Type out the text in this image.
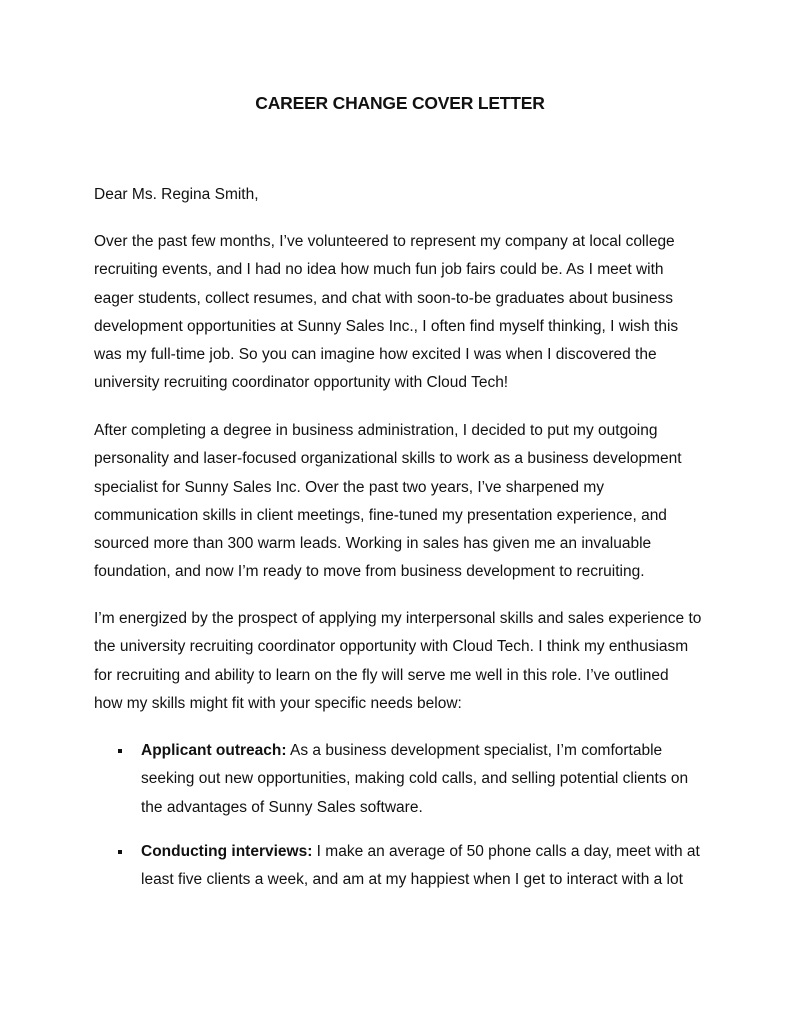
CAREER CHANGE COVER LETTER
Dear Ms. Regina Smith,

Over the past few months, I’ve volunteered to represent my company at local college
recruiting events, and I had no idea how much fun job fairs could be. As I meet with
eager students, collect resumes, and chat with soon-to-be graduates about business
development opportunities at Sunny Sales Inc., I often find myself thinking, I wish this
was my full-time job. So you can imagine how excited I was when I discovered the
university recruiting coordinator opportunity with Cloud Tech!

After completing a degree in business administration, I decided to put my outgoing
personality and laser-focused organizational skills to work as a business development
specialist for Sunny Sales Inc. Over the past two years, I’ve sharpened my
communication skills in client meetings, fine-tuned my presentation experience, and
sourced more than 300 warm leads. Working in sales has given me an invaluable
foundation, and now I’m ready to move from business development to recruiting.

I’m energized by the prospect of applying my interpersonal skills and sales experience to
the university recruiting coordinator opportunity with Cloud Tech. I think my enthusiasm
for recruiting and ability to learn on the fly will serve me well in this role. I’ve outlined
how my skills might fit with your specific needs below:

Applicant outreach: As a business development specialist, I’m comfortable
seeking out new opportunities, making cold calls, and selling potential clients on
the advantages of Sunny Sales software.
Conducting interviews: I make an average of 50 phone calls a day, meet with at
least five clients a week, and am at my happiest when I get to interact with a lot
